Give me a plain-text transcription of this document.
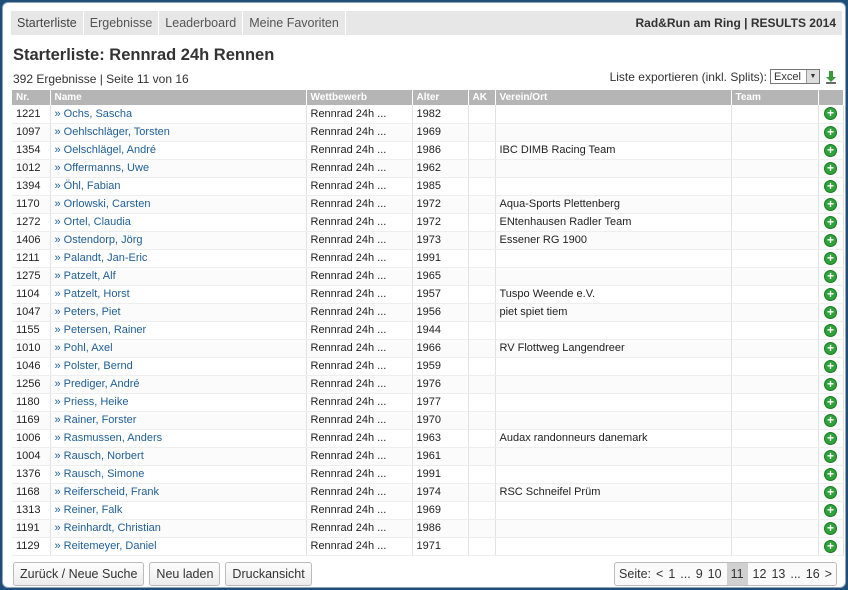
Starterliste	Ergebnisse	Leaderboard	Meine Favoriten	Rad&Run am Ring | RESULTS 2014
Starterliste: Rennrad 24h Rennen
392 Ergebnisse | Seite 11 von 16	Liste exportieren (inkl. Splits): Excel	▼
Nr.	Name	Wettbewerb	Alter	AK	Verein/Ort	Team	
1221	» Ochs, Sascha	Rennrad 24h ...	1982				+

1097	» Oehlschläger, Torsten	Rennrad 24h ...	1969				+

1354	» Oelschlägel, André	Rennrad 24h ...	1986		IBC DIMB Racing Team		+

1012	» Offermanns, Uwe	Rennrad 24h ...	1962				+

1394	» Öhl, Fabian	Rennrad 24h ...	1985				+

1170	» Orlowski, Carsten	Rennrad 24h ...	1972		Aqua-Sports Plettenberg		+

1272	» Ortel, Claudia	Rennrad 24h ...	1972		ENtenhausen Radler Team		+

1406	» Ostendorp, Jörg	Rennrad 24h ...	1973		Essener RG 1900		+

1211	» Palandt, Jan-Eric	Rennrad 24h ...	1991				+

1275	» Patzelt, Alf	Rennrad 24h ...	1965				+

1104	» Patzelt, Horst	Rennrad 24h ...	1957		Tuspo Weende e.V.		+

1047	» Peters, Piet	Rennrad 24h ...	1956		piet spiet tiem		+

1155	» Petersen, Rainer	Rennrad 24h ...	1944				+

1010	» Pohl, Axel	Rennrad 24h ...	1966		RV Flottweg Langendreer		+

1046	» Polster, Bernd	Rennrad 24h ...	1959				+

1256	» Prediger, André	Rennrad 24h ...	1976				+

1180	» Priess, Heike	Rennrad 24h ...	1977				+

1169	» Rainer, Forster	Rennrad 24h ...	1970				+

1006	» Rasmussen, Anders	Rennrad 24h ...	1963		Audax randonneurs danemark		+

1004	» Rausch, Norbert	Rennrad 24h ...	1961				+

1376	» Rausch, Simone	Rennrad 24h ...	1991				+

1168	» Reiferscheid, Frank	Rennrad 24h ...	1974		RSC Schneifel Prüm		+

1313	» Reiner, Falk	Rennrad 24h ...	1969				+

1191	» Reinhardt, Christian	Rennrad 24h ...	1986				+

1129	» Reitemeyer, Daniel	Rennrad 24h ...	1971				+
Zurück / Neue Suche	Neu laden	Druckansicht	Seite: < 1 ... 9 10 11 12 13 ... 16 >
